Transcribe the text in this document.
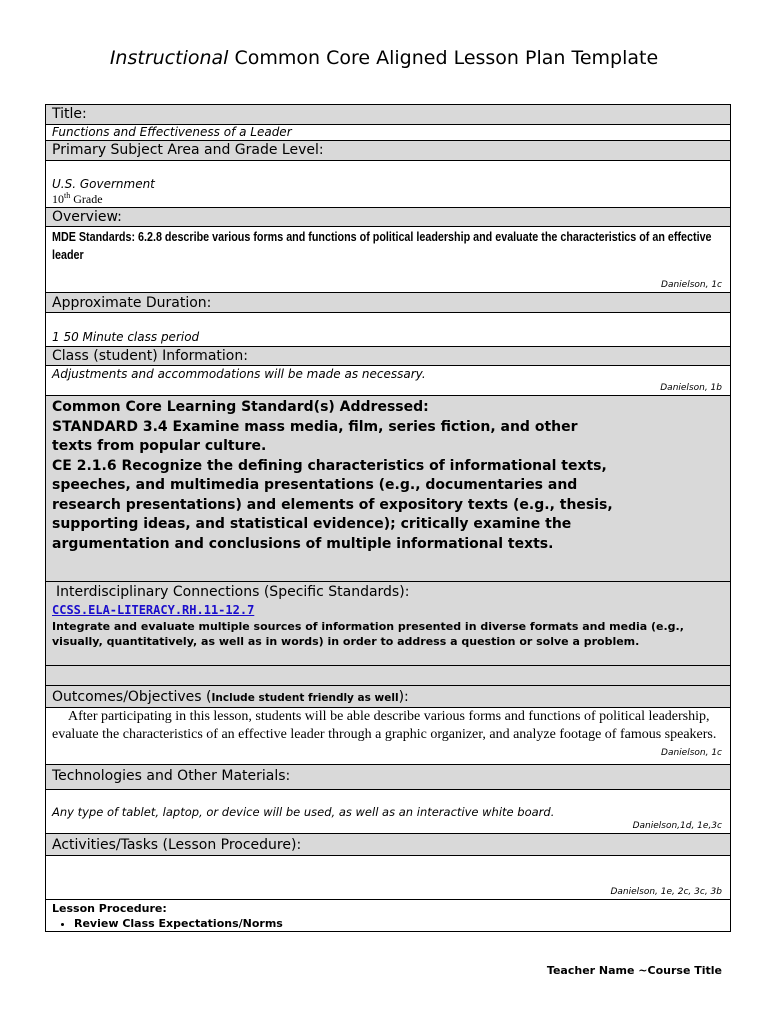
Instructional Common Core Aligned Lesson Plan Template
Title:
Functions and Effectiveness of a Leader
Primary Subject Area and Grade Level:
U.S. Government
10th Grade
Overview:
MDE Standards: 6.2.8 describe various forms and functions of political leadership and evaluate the characteristics of an effective leader
Danielson, 1c
Approximate Duration:
1 50 Minute class period
Class (student) Information:
Adjustments and accommodations will be made as necessary.
Danielson, 1b
Common Core Learning Standard(s) Addressed:
STANDARD 3.4 Examine mass media, film, series fiction, and other
texts from popular culture.
CE 2.1.6 Recognize the defining characteristics of informational texts,
speeches, and multimedia presentations (e.g., documentaries and
research presentations) and elements of expository texts (e.g., thesis,
supporting ideas, and statistical evidence); critically examine the
argumentation and conclusions of multiple informational texts.
Interdisciplinary Connections (Specific Standards):
CCSS.ELA-LITERACY.RH.11-12.7
Integrate and evaluate multiple sources of information presented in diverse formats and media (e.g., visually, quantitatively, as well as in words) in order to address a question or solve a problem.
Outcomes/Objectives (Include student friendly as well):
After participating in this lesson, students will be able describe various forms and functions of political leadership, evaluate the characteristics of an effective leader through a graphic organizer, and analyze footage of famous speakers.
Danielson, 1c
Technologies and Other Materials:
Any type of tablet, laptop, or device will be used, as well as an interactive white board.
Danielson,1d, 1e,3c
Activities/Tasks (Lesson Procedure):
Danielson, 1e, 2c, 3c, 3b
Lesson Procedure:
• Review Class Expectations/Norms
Teacher Name ~Course Title
